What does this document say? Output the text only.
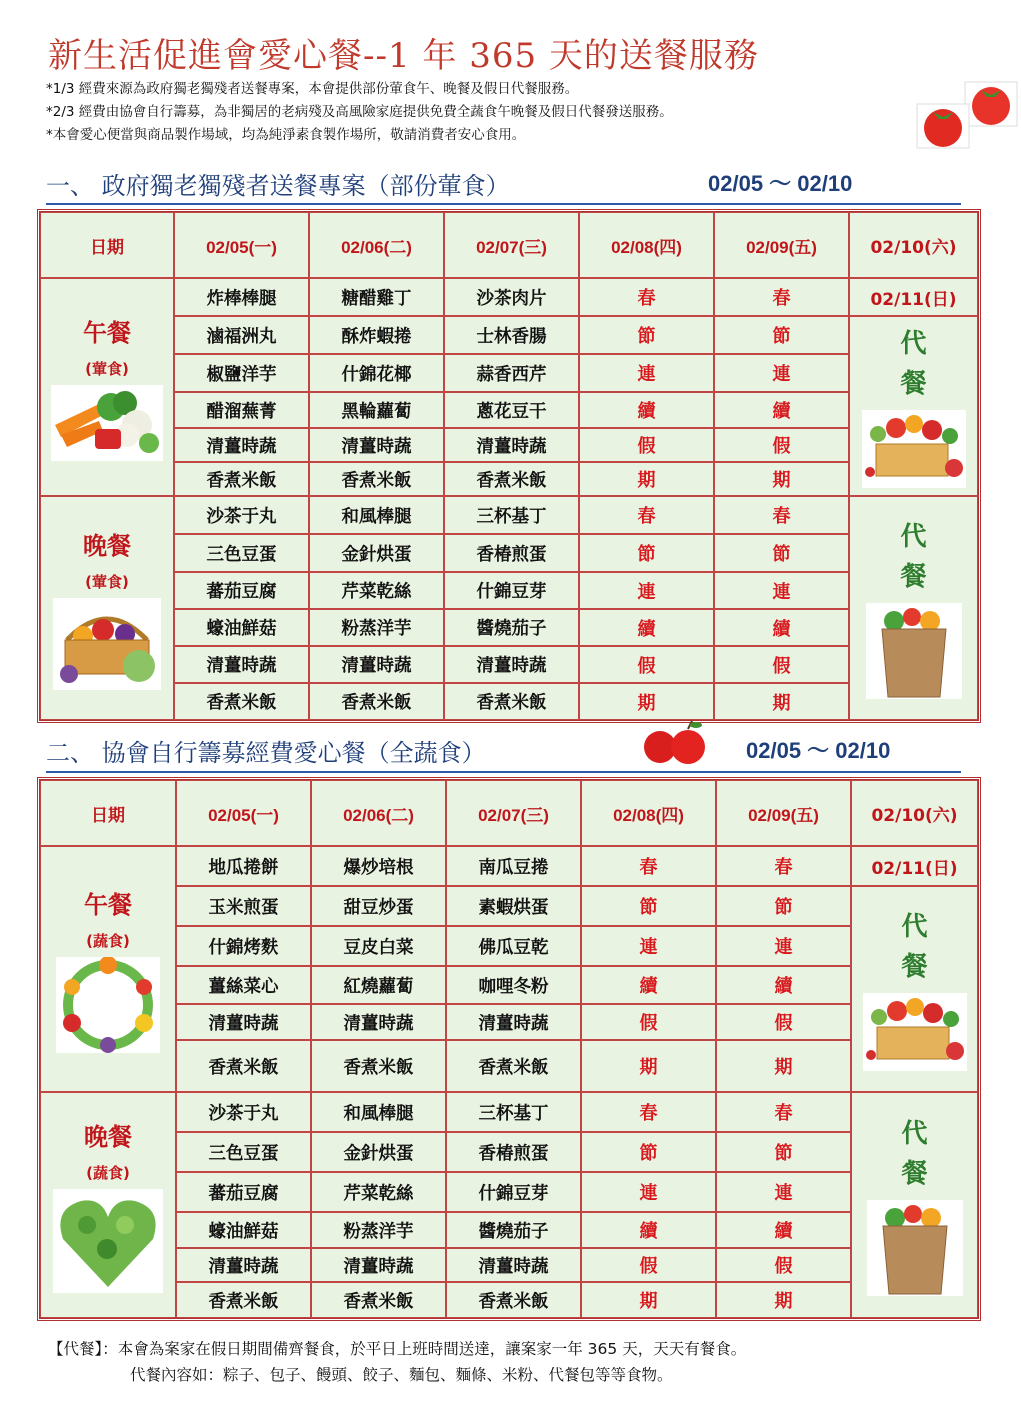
新生活促進會愛心餐--1 年 365 天的送餐服務
*1/3 經費來源為政府獨老獨殘者送餐專案，本會提供部份葷食午、晚餐及假日代餐服務。
*2/3 經費由協會自行籌募，為非獨居的老病殘及高風險家庭提供免費全蔬食午晚餐及假日代餐發送服務。
*本會愛心便當與商品製作場域，均為純淨素食製作場所，敬請消費者安心食用。
一、 政府獨老獨殘者送餐專案（部份葷食）	02/05 ～ 02/10
日期	02/05(一)	02/06(二)	02/07(三)	02/08(四)	02/09(五)	02/10(六)

午餐
(葷食)	炸棒棒腿	糖醋雞丁	沙茶肉片	春	春	02/11(日)
	滷福洲丸	酥炸蝦捲	士林香腸	節	節	代
餐

	椒鹽洋芋	什錦花椰	蒜香西芹	連	連	
	醋溜蕪菁	黑輪蘿蔔	蔥花豆干	續	續	
	清薑時蔬	清薑時蔬	清薑時蔬	假	假	
	香煮米飯	香煮米飯	香煮米飯	期	期	

晚餐
(葷食)	沙茶于丸	和風棒腿	三杯基丁	春	春	代
餐

	三色豆蛋	金針烘蛋	香椿煎蛋	節	節	
	蕃茄豆腐	芹菜乾絲	什錦豆芽	連	連	
	蠔油鮮菇	粉蒸洋芋	醬燒茄子	續	續	
	清薑時蔬	清薑時蔬	清薑時蔬	假	假	
	香煮米飯	香煮米飯	香煮米飯	期	期	
二、 協會自行籌募經費愛心餐（全蔬食）	02/05 ～ 02/10
日期	02/05(一)	02/06(二)	02/07(三)	02/08(四)	02/09(五)	02/10(六)

午餐
(蔬食)	地瓜捲餅	爆炒培根	南瓜豆捲	春	春	02/11(日)
	玉米煎蛋	甜豆炒蛋	素蝦烘蛋	節	節	代
餐

	什錦烤麩	豆皮白菜	佛瓜豆乾	連	連	
	薑絲菜心	紅燒蘿蔔	咖哩冬粉	續	續	
	清薑時蔬	清薑時蔬	清薑時蔬	假	假	
	香煮米飯	香煮米飯	香煮米飯	期	期	

晚餐
(蔬食)	沙茶于丸	和風棒腿	三杯基丁	春	春	代
餐

	三色豆蛋	金針烘蛋	香椿煎蛋	節	節	
	蕃茄豆腐	芹菜乾絲	什錦豆芽	連	連	
	蠔油鮮菇	粉蒸洋芋	醬燒茄子	續	續	
	清薑時蔬	清薑時蔬	清薑時蔬	假	假	
	香煮米飯	香煮米飯	香煮米飯	期	期	
【代餐】：本會為案家在假日期間備齊餐食，於平日上班時間送達，讓案家一年 365 天，天天有餐食。
代餐內容如：粽子、包子、饅頭、餃子、麵包、麵條、米粉、代餐包等等食物。
